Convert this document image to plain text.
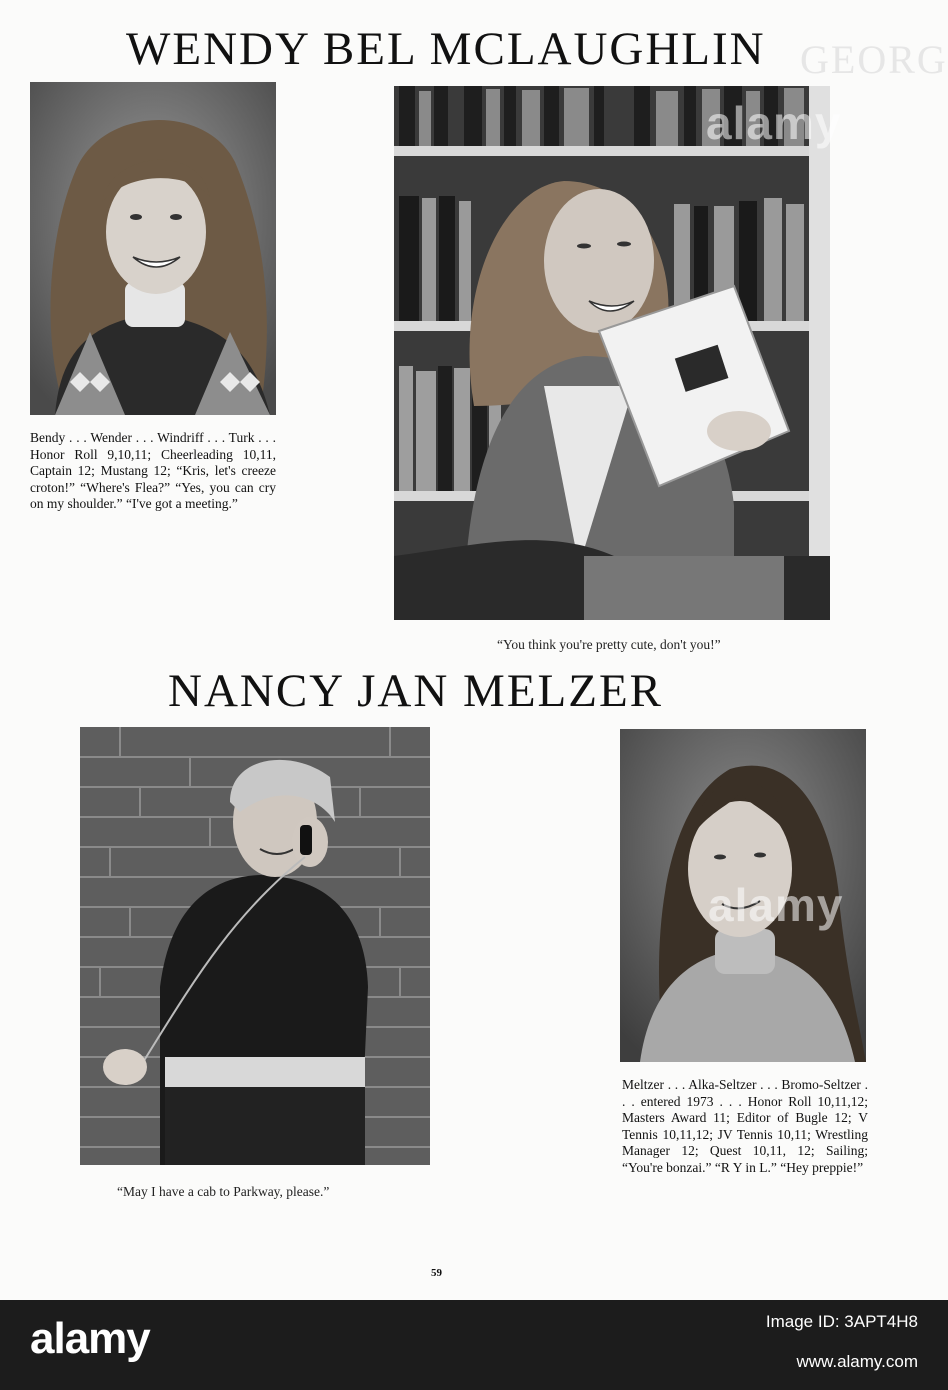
GEORG
WENDY BEL MCLAUGHLIN

Bendy . . . Wender . . . Windriff . . . Turk . . . Honor Roll 9,10,11; Cheerleading 10,11, Captain 12; Mustang 12; “Kris, let's creeze croton!” “Where's Flea?” “Yes, you can cry on my shoulder.” “I've got a meeting.”

“You think you're pretty cute, don't you!”
NANCY JAN MELZER
“May I have a cab to Parkway, please.”

Meltzer . . . Alka-Seltzer . . . Bromo-Seltzer . . . entered 1973 . . . Honor Roll 10,11,12; Masters Award 11; Editor of Bugle 12; V Tennis 10,11,12; JV Tennis 10,11; Wrestling Manager 12; Quest 10,11, 12; Sailing; “You're bonzai.” “R Y in L.” “Hey preppie!”

59
alamy
alamy
alamy	Image ID: 3APT4H8
www.alamy.com
